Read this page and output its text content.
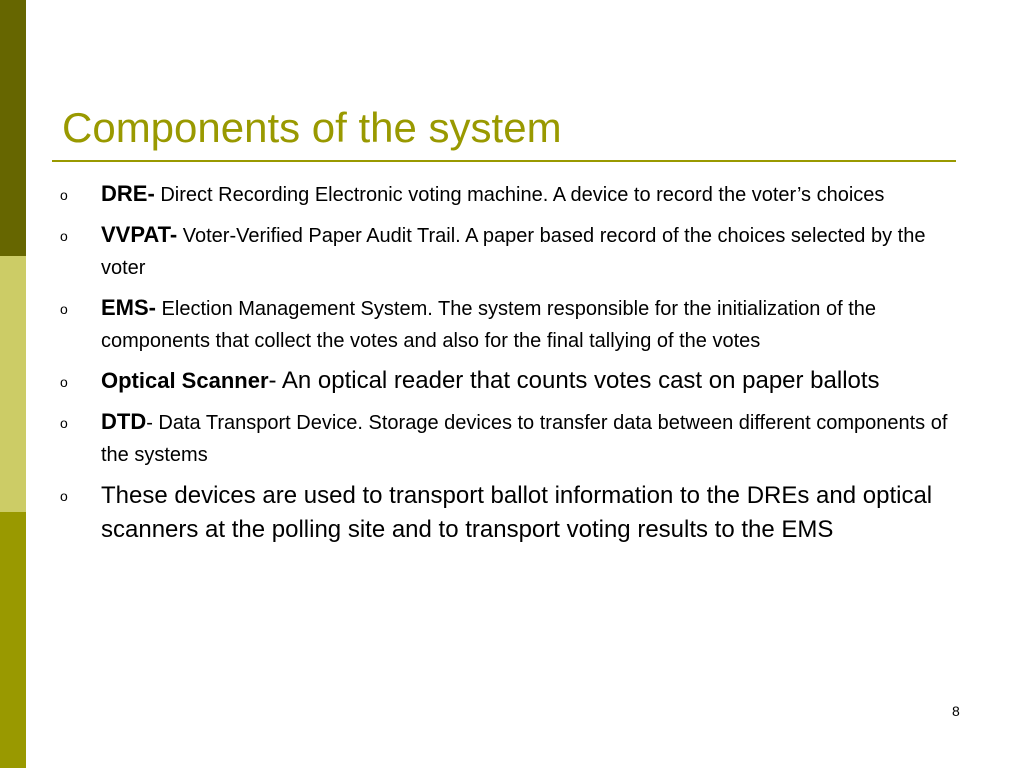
Components of the system
o DRE- Direct Recording Electronic voting machine. A device to record the voter’s choices
o VVPAT- Voter-Verified Paper Audit Trail. A paper based record of the choices selected by the voter
o EMS- Election Management System. The system responsible for the initialization of the components that collect the votes and also for the final tallying of the votes
o Optical Scanner- An optical reader that counts votes cast on paper ballots
o DTD- Data Transport Device. Storage devices to transfer data between different components of the systems
o These devices are used to transport ballot information to the DREs and optical scanners at the polling site and to transport voting results to the EMS
8
